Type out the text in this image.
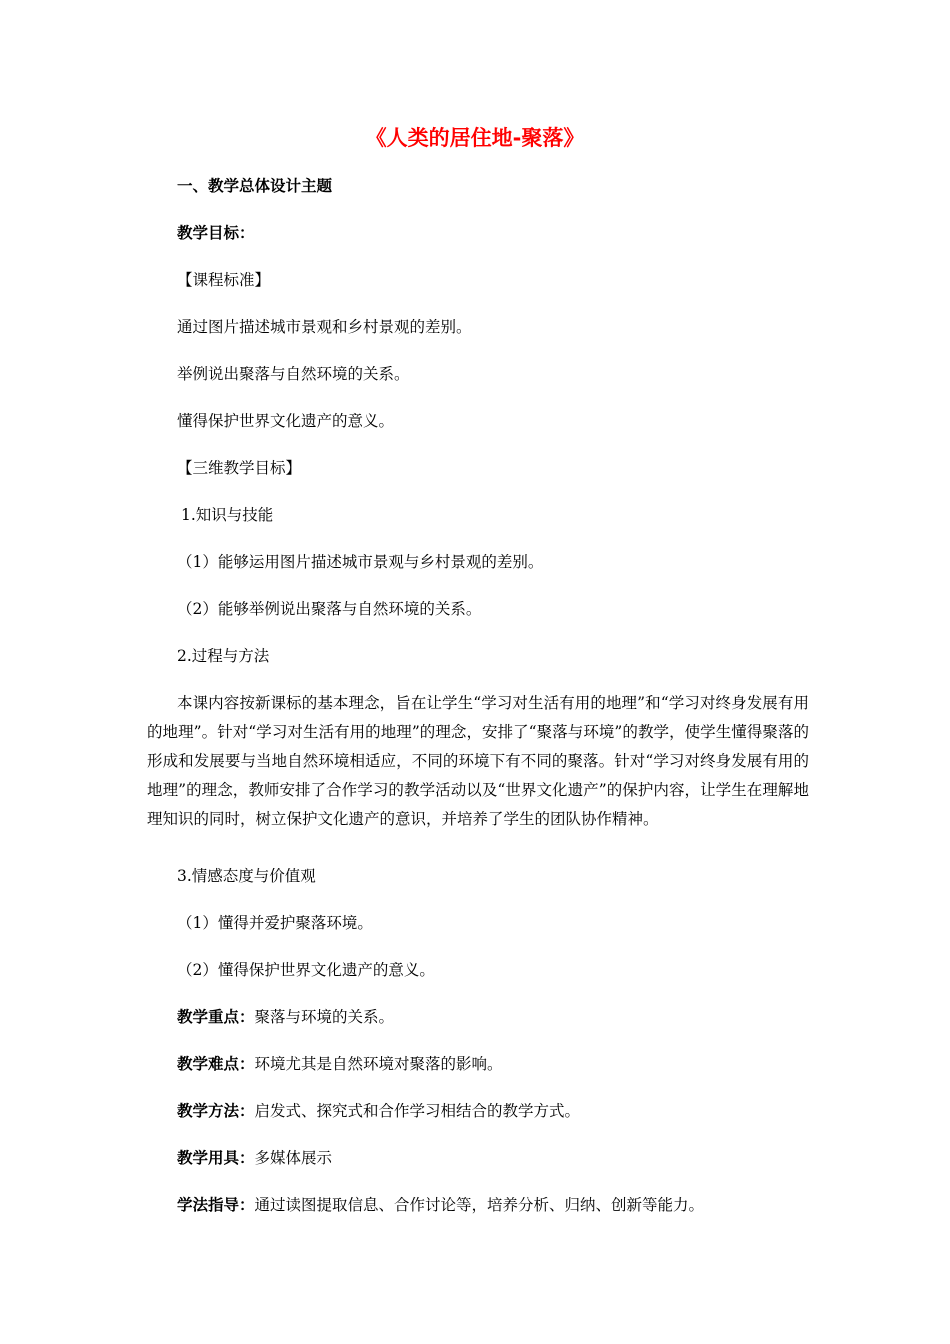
《人类的居住地-聚落》
一、教学总体设计主题
教学目标：
【课程标准】
通过图片描述城市景观和乡村景观的差别。
举例说出聚落与自然环境的关系。
懂得保护世界文化遗产的意义。
【三维教学目标】
1.知识与技能
（1）能够运用图片描述城市景观与乡村景观的差别。
（2）能够举例说出聚落与自然环境的关系。
2.过程与方法
本课内容按新课标的基本理念，旨在让学生“学习对生活有用的地理”和“学习对终身发展有用的地理”。针对“学习对生活有用的地理”的理念，安排了“聚落与环境”的教学，使学生懂得聚落的形成和发展要与当地自然环境相适应，不同的环境下有不同的聚落。针对“学习对终身发展有用的地理”的理念，教师安排了合作学习的教学活动以及“世界文化遗产”的保护内容，让学生在理解地理知识的同时，树立保护文化遗产的意识，并培养了学生的团队协作精神。
3.情感态度与价值观
（1）懂得并爱护聚落环境。
（2）懂得保护世界文化遗产的意义。
教学重点：聚落与环境的关系。
教学难点：环境尤其是自然环境对聚落的影响。
教学方法：启发式、探究式和合作学习相结合的教学方式。
教学用具：多媒体展示
学法指导：通过读图提取信息、合作讨论等，培养分析、归纳、创新等能力。
